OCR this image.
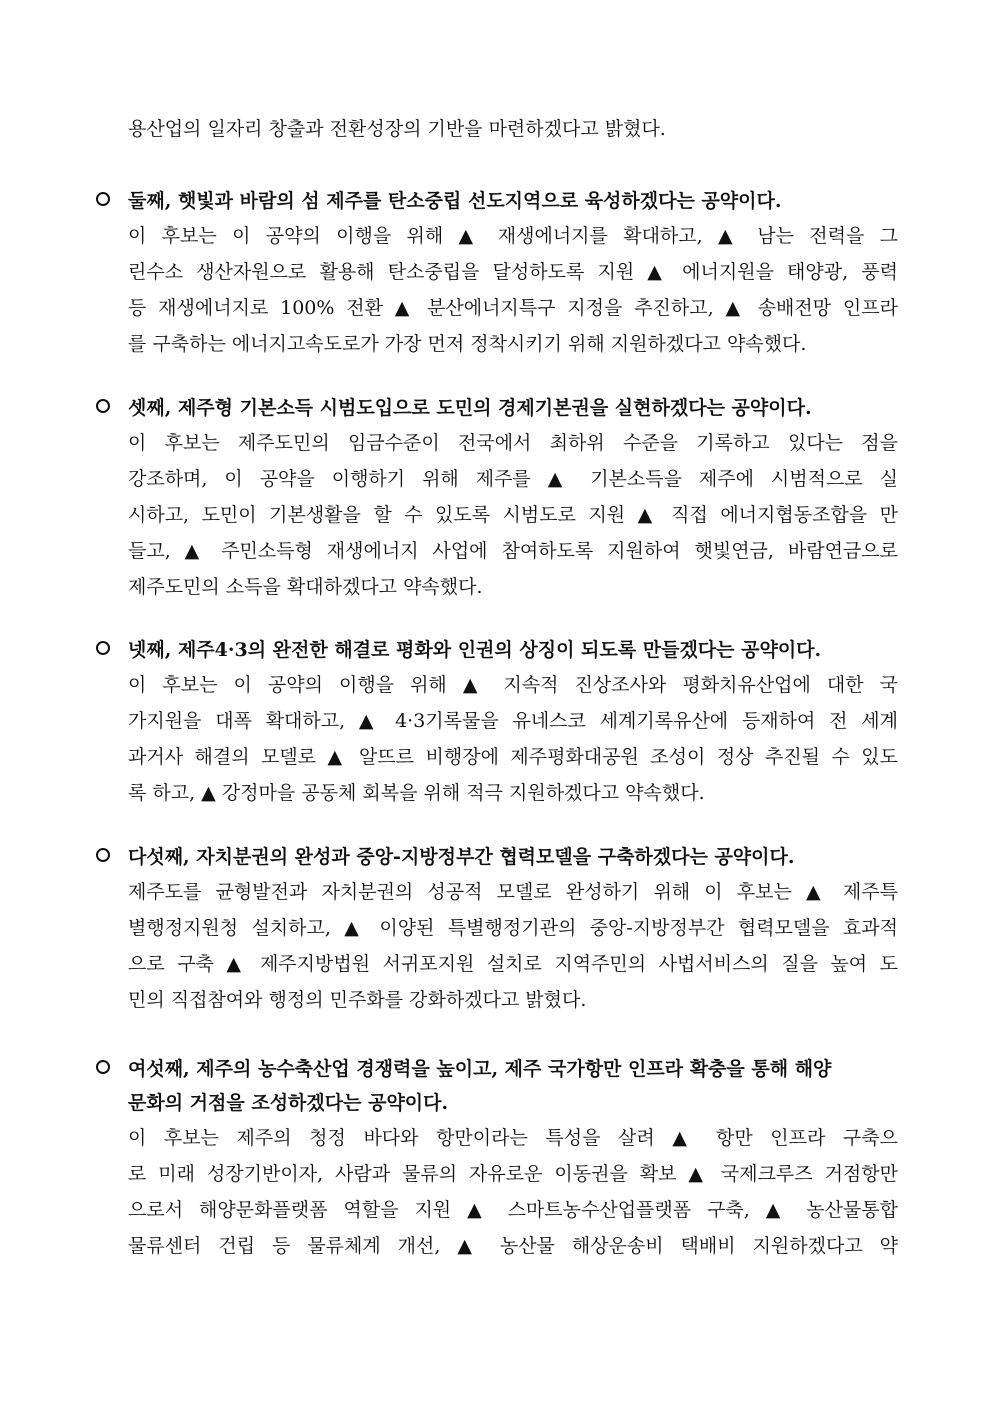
용산업의 일자리 창출과 전환성장의 기반을 마련하겠다고 밝혔다.
둘째, 햇빛과 바람의 섬 제주를 탄소중립 선도지역으로 육성하겠다는 공약이다.
이 후보는 이 공약의 이행을 위해 ▲ 재생에너지를 확대하고, ▲ 남는 전력을 그
린수소 생산자원으로 활용해 탄소중립을 달성하도록 지원 ▲ 에너지원을 태양광, 풍력
등 재생에너지로 100% 전환 ▲ 분산에너지특구 지정을 추진하고, ▲ 송배전망 인프라
를 구축하는 에너지고속도로가 가장 먼저 정착시키기 위해 지원하겠다고 약속했다.
셋째, 제주형 기본소득 시범도입으로 도민의 경제기본권을 실현하겠다는 공약이다.
이 후보는 제주도민의 임금수준이 전국에서 최하위 수준을 기록하고 있다는 점을
강조하며, 이 공약을 이행하기 위해 제주를 ▲ 기본소득을 제주에 시범적으로 실
시하고, 도민이 기본생활을 할 수 있도록 시범도로 지원 ▲ 직접 에너지협동조합을 만
들고, ▲ 주민소득형 재생에너지 사업에 참여하도록 지원하여 햇빛연금, 바람연금으로
제주도민의 소득을 확대하겠다고 약속했다.
넷째, 제주4·3의 완전한 해결로 평화와 인권의 상징이 되도록 만들겠다는 공약이다.
이 후보는 이 공약의 이행을 위해 ▲ 지속적 진상조사와 평화치유산업에 대한 국
가지원을 대폭 확대하고, ▲ 4·3기록물을 유네스코 세계기록유산에 등재하여 전 세계
과거사 해결의 모델로 ▲ 알뜨르 비행장에 제주평화대공원 조성이 정상 추진될 수 있도
록 하고, ▲ 강정마을 공동체 회복을 위해 적극 지원하겠다고 약속했다.
다섯째, 자치분권의 완성과 중앙-지방정부간 협력모델을 구축하겠다는 공약이다.
제주도를 균형발전과 자치분권의 성공적 모델로 완성하기 위해 이 후보는 ▲ 제주특
별행정지원청 설치하고, ▲ 이양된 특별행정기관의 중앙-지방정부간 협력모델을 효과적
으로 구축 ▲ 제주지방법원 서귀포지원 설치로 지역주민의 사법서비스의 질을 높여 도
민의 직접참여와 행정의 민주화를 강화하겠다고 밝혔다.
여섯째, 제주의 농수축산업 경쟁력을 높이고, 제주 국가항만 인프라 확충을 통해 해양
문화의 거점을 조성하겠다는 공약이다.
이 후보는 제주의 청정 바다와 항만이라는 특성을 살려 ▲ 항만 인프라 구축으
로 미래 성장기반이자, 사람과 물류의 자유로운 이동권을 확보 ▲ 국제크루즈 거점항만
으로서 해양문화플랫폼 역할을 지원 ▲ 스마트농수산업플랫폼 구축, ▲ 농산물통합
물류센터 건립 등 물류체계 개선, ▲ 농산물 해상운송비 택배비 지원하겠다고 약
